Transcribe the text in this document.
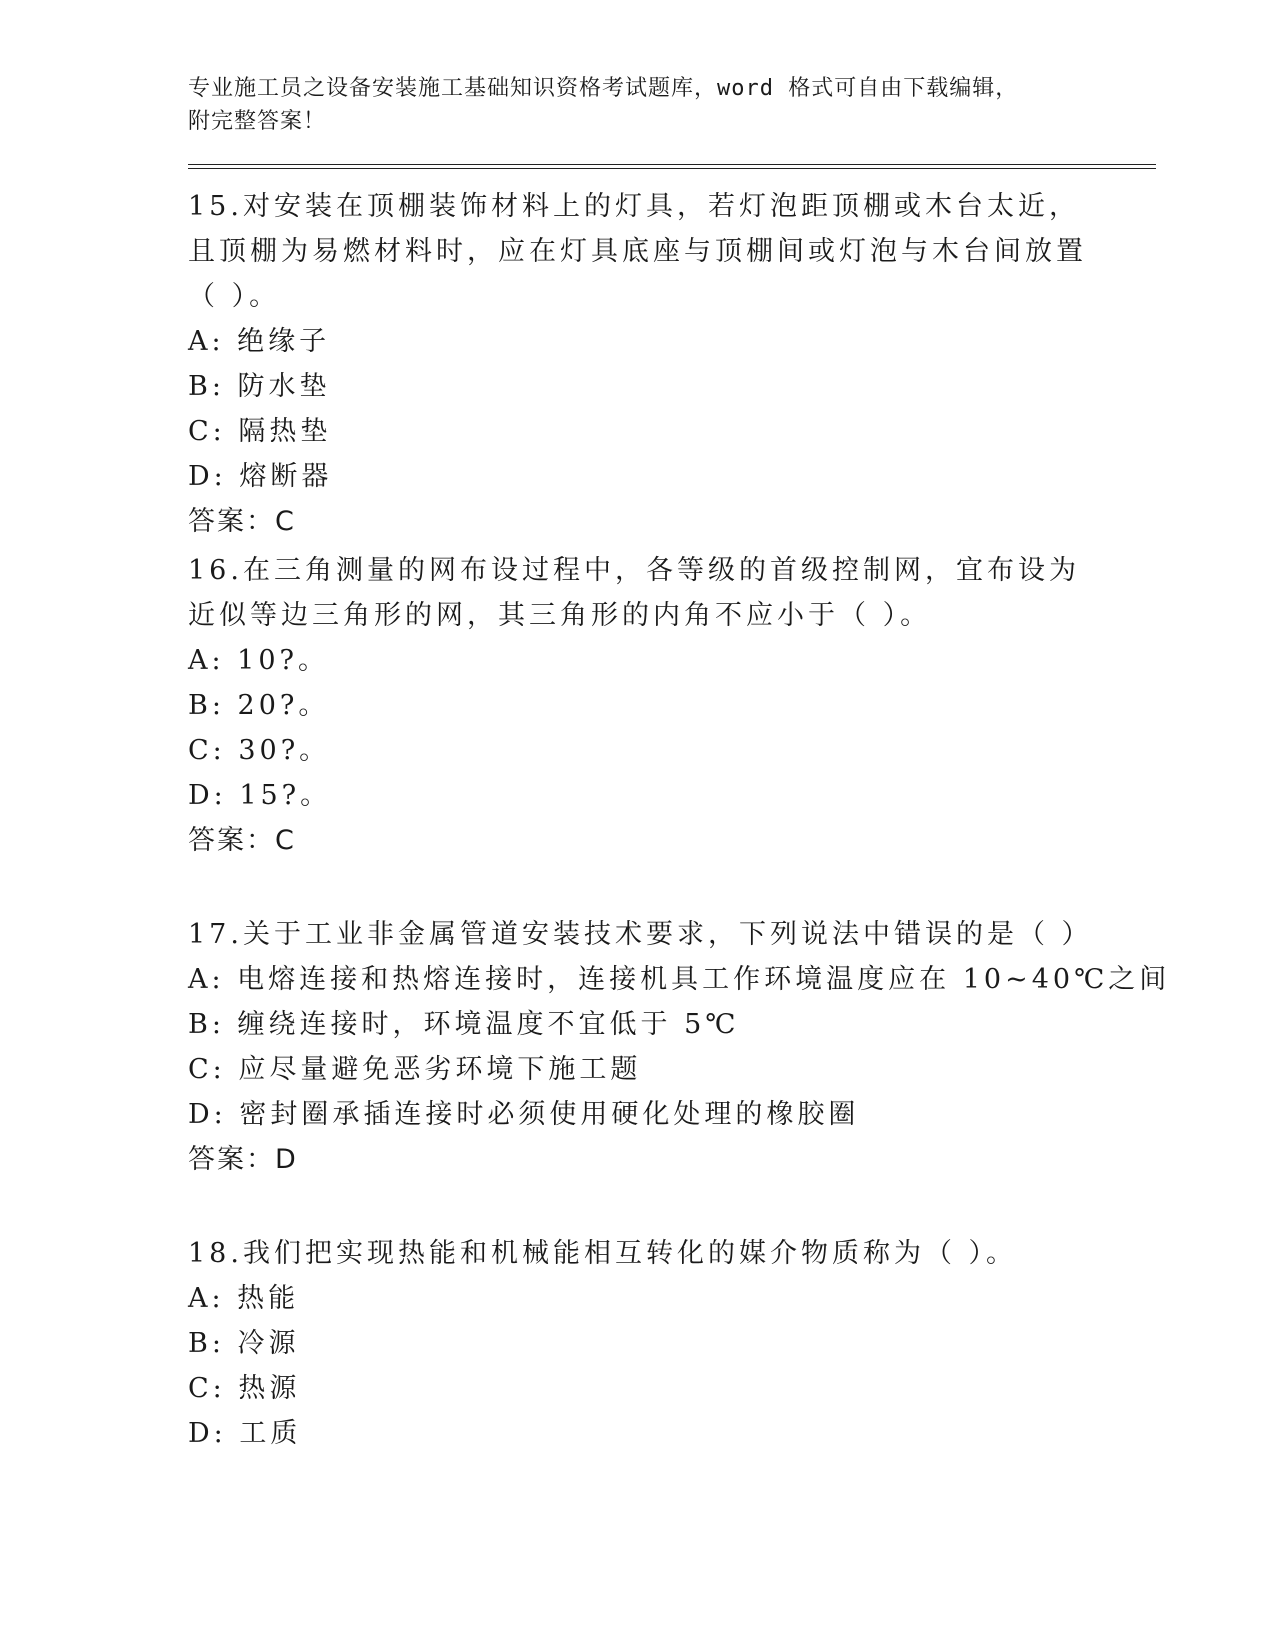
专业施工员之设备安装施工基础知识资格考试题库，word 格式可自由下载编辑，
附完整答案！

15.对安装在顶棚装饰材料上的灯具，若灯泡距顶棚或木台太近，且顶棚为易燃材料时，应在灯具底座与顶棚间或灯泡与木台间放置（ ）。

A: 绝缘子

B: 防水垫

C: 隔热垫

D: 熔断器

答案：C

16.在三角测量的网布设过程中，各等级的首级控制网，宜布设为近似等边三角形的网，其三角形的内角不应小于（ ）。

A: 10?。

B: 20?。

C: 30?。

D: 15?。

答案：C

17.关于工业非金属管道安装技术要求，下列说法中错误的是（ ）

A: 电熔连接和热熔连接时，连接机具工作环境温度应在 10~40℃之间

B: 缠绕连接时，环境温度不宜低于 5℃

C: 应尽量避免恶劣环境下施工题

D: 密封圈承插连接时必须使用硬化处理的橡胶圈

答案：D

18.我们把实现热能和机械能相互转化的媒介物质称为（ ）。

A: 热能

B: 冷源

C: 热源

D: 工质
